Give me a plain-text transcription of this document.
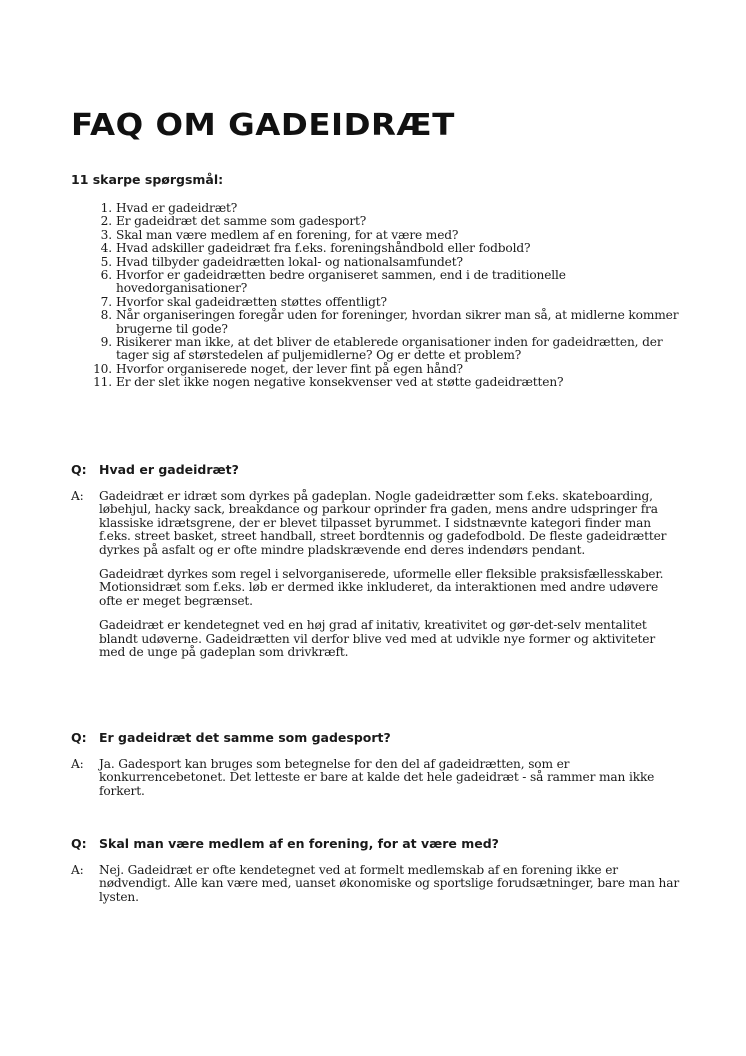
FAQ OM GADEIDRÆT
11 skarpe spørgsmål:
1. Hvad er gadeidræt?
2. Er gadeidræt det samme som gadesport?
3. Skal man være medlem af en forening, for at være med?
4. Hvad adskiller gadeidræt fra f.eks. foreningshåndbold eller fodbold?
5. Hvad tilbyder gadeidrætten lokal- og nationalsamfundet?
6. Hvorfor er gadeidrætten bedre organiseret sammen, end i de traditionelle hovedorganisationer?
7. Hvorfor skal gadeidrætten støttes offentligt?
8. Når organiseringen foregår uden for foreninger, hvordan sikrer man så, at midlerne kommer brugerne til gode?
9. Risikerer man ikke, at det bliver de etablerede organisationer inden for gadeidrætten, der tager sig af størstedelen af puljemidlerne? Og er dette et problem?
10. Hvorfor organiserede noget, der lever fint på egen hånd?
11. Er der slet ikke nogen negative konsekvenser ved at støtte gadeidrætten?
Q: Hvad er gadeidræt?
A: Gadeidræt er idræt som dyrkes på gadeplan. Nogle gadeidrætter som f.eks. skateboarding, løbehjul, hacky sack, breakdance og parkour oprinder fra gaden, mens andre udspringer fra klassiske idrætsgrene, der er blevet tilpasset byrummet. I sidstnævnte kategori finder man f.eks. street basket, street handball, street bordtennis og gadefodbold. De fleste gadeidrætter dyrkes på asfalt og er ofte mindre pladskrævende end deres indendørs pendant.

Gadeidræt dyrkes som regel i selvorganiserede, uformelle eller fleksible praksisfællesskaber. Motionsidræt som f.eks. løb er dermed ikke inkluderet, da interaktionen med andre udøvere ofte er meget begrænset.

Gadeidræt er kendetegnet ved en høj grad af initativ, kreativitet og gør-det-selv mentalitet blandt udøverne. Gadeidrætten vil derfor blive ved med at udvikle nye former og aktiviteter med de unge på gadeplan som drivkræft.

Q: Er gadeidræt det samme som gadesport?
A: Ja. Gadesport kan bruges som betegnelse for den del af gadeidrætten, som er konkurrencebetonet. Det letteste er bare at kalde det hele gadeidræt - så rammer man ikke forkert.

Q: Skal man være medlem af en forening, for at være med?
A: Nej. Gadeidræt er ofte kendetegnet ved at formelt medlemskab af en forening ikke er nødvendigt. Alle kan være med, uanset økonomiske og sportslige forudsætninger, bare man har lysten.
